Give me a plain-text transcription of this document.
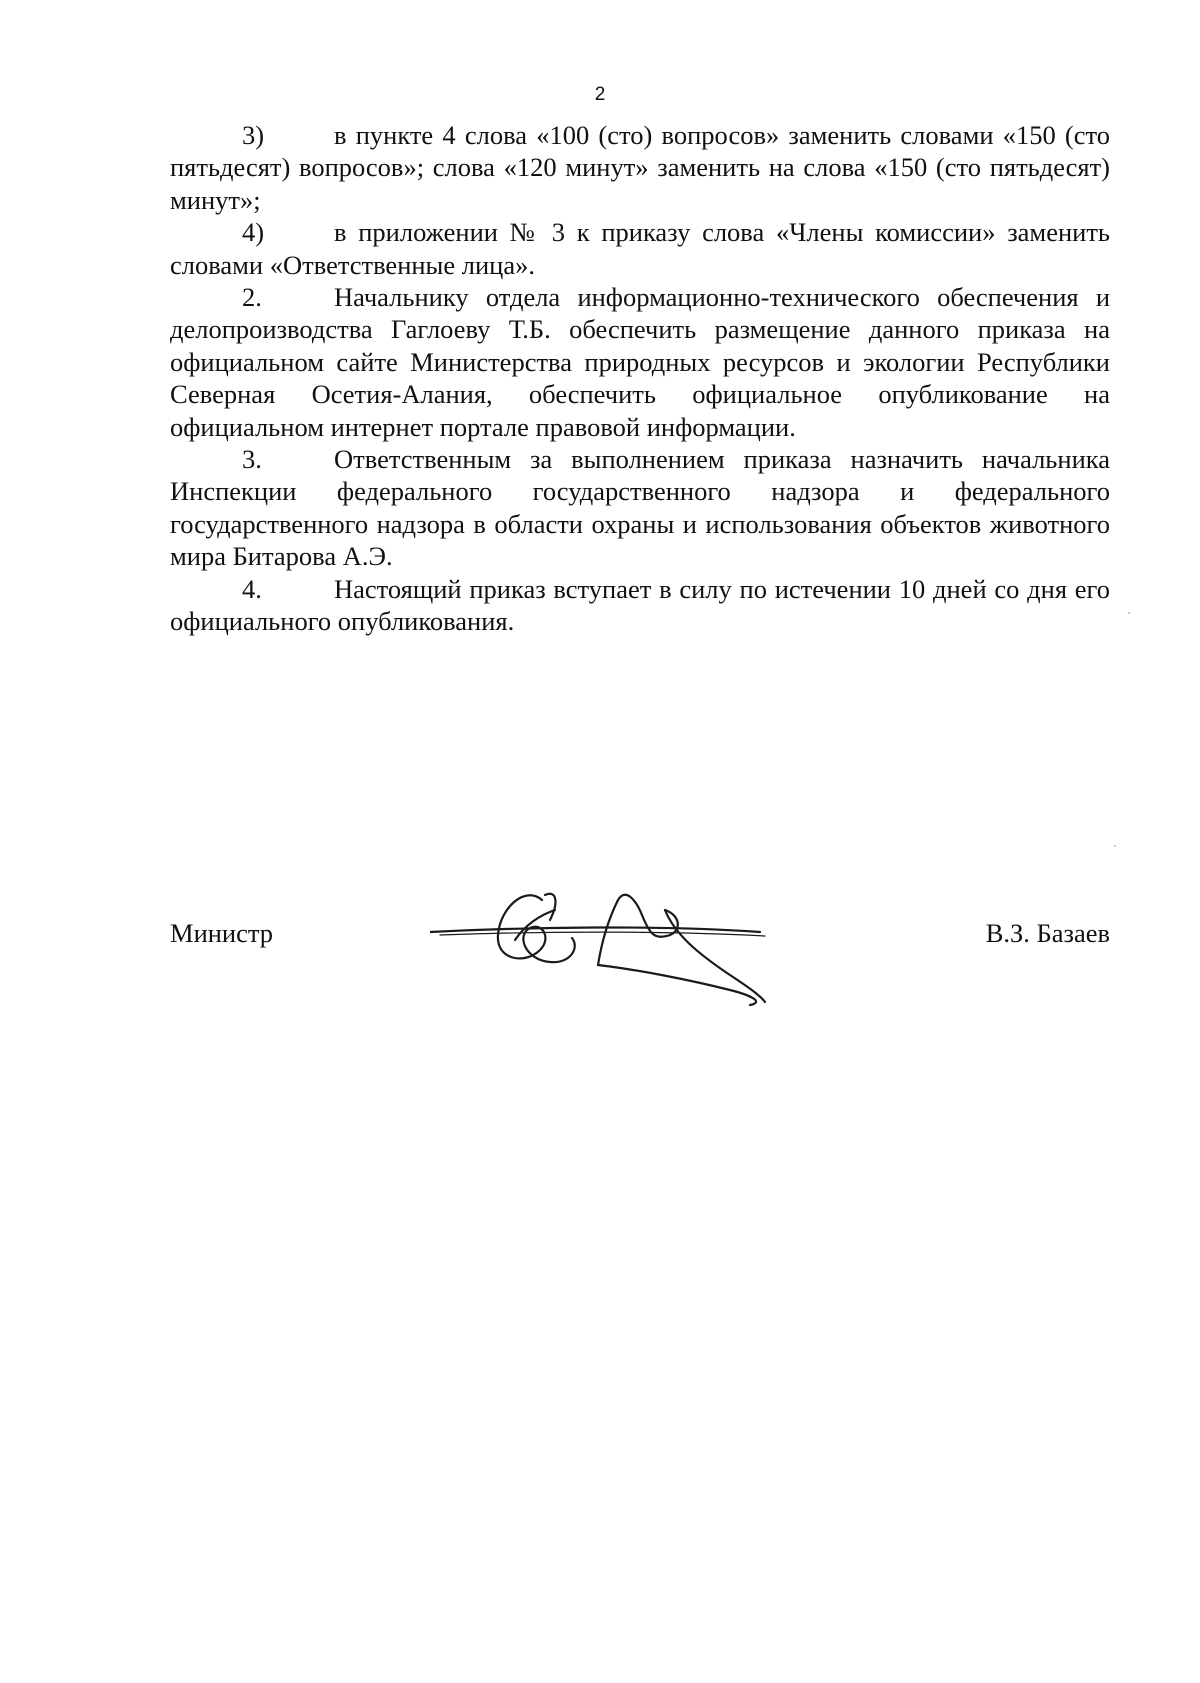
2

3)	в пункте 4 слова «100 (сто) вопросов» заменить словами «150 (сто пятьдесят) вопросов»; слова «120 минут» заменить на слова «150 (сто пятьдесят) минут»;

4)	в приложении № 3 к приказу слова «Члены комиссии» заменить словами «Ответственные лица».

2.	Начальнику отдела информационно-технического обеспечения и делопроизводства Гаглоеву Т.Б. обеспечить размещение данного приказа на официальном сайте Министерства природных ресурсов и экологии Республики Северная Осетия-Алания, обеспечить официальное опубликование на официальном интернет портале правовой информации.

3.	Ответственным за выполнением приказа назначить начальника Инспекции федерального государственного надзора и федерального государственного надзора в области охраны и использования объектов животного мира Битарова А.Э.

4.	Настоящий приказ вступает в силу по истечении 10 дней со дня его официального опубликования.

Министр	В.З. Базаев
